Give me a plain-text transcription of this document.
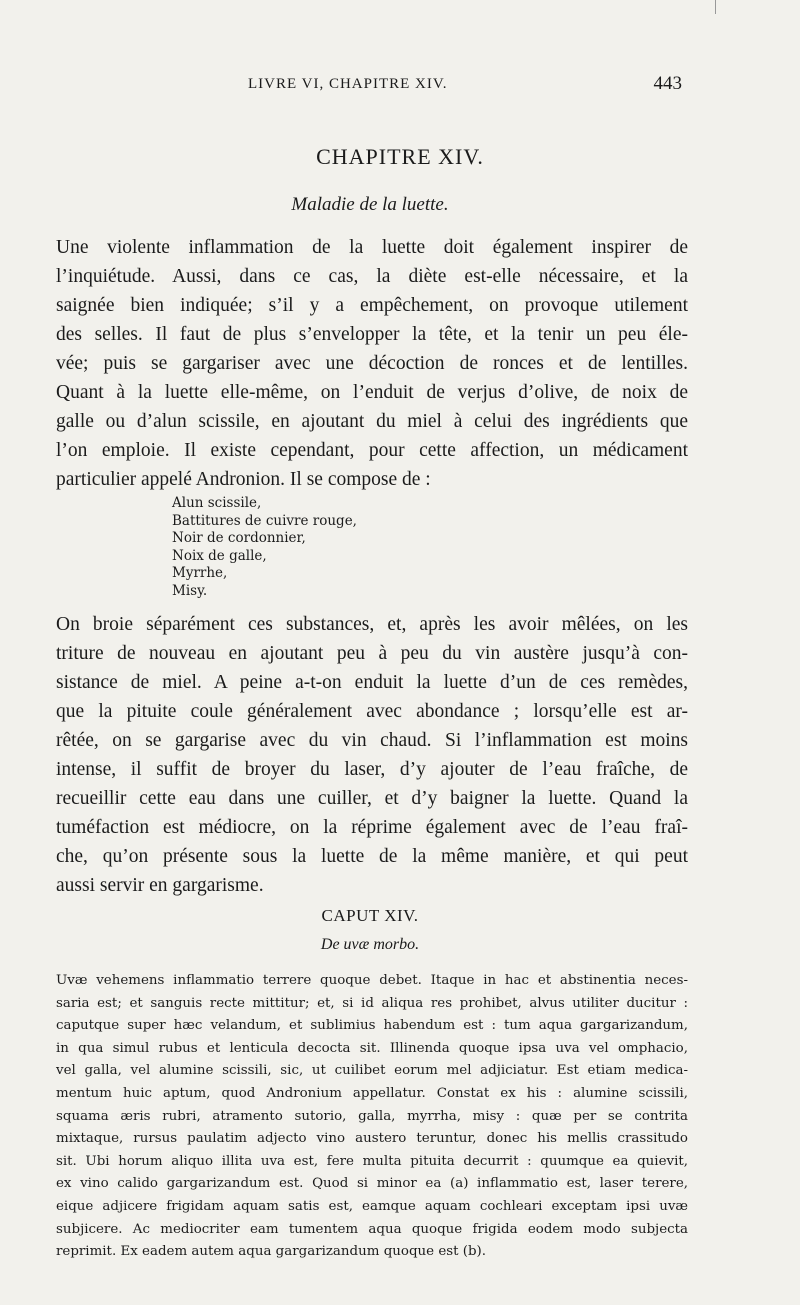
LIVRE VI, CHAPITRE XIV.	443
CHAPITRE XIV.
Maladie de la luette.
Une violente inflammation de la luette doit également inspirer de
l’inquiétude. Aussi, dans ce cas, la diète est-elle nécessaire, et la
saignée bien indiquée; s’il y a empêchement, on provoque utilement
des selles. Il faut de plus s’envelopper la tête, et la tenir un peu éle-
vée; puis se gargariser avec une décoction de ronces et de lentilles.
Quant à la luette elle-même, on l’enduit de verjus d’olive, de noix de
galle ou d’alun scissile, en ajoutant du miel à celui des ingrédients que
l’on emploie. Il existe cependant, pour cette affection, un médicament
particulier appelé Andronion. Il se compose de :
Alun scissile,
Battitures de cuivre rouge,
Noir de cordonnier,
Noix de galle,
Myrrhe,
Misy.
On broie séparément ces substances, et, après les avoir mêlées, on les
triture de nouveau en ajoutant peu à peu du vin austère jusqu’à con-
sistance de miel. A peine a-t-on enduit la luette d’un de ces remèdes,
que la pituite coule généralement avec abondance ; lorsqu’elle est ar-
rêtée, on se gargarise avec du vin chaud. Si l’inflammation est moins
intense, il suffit de broyer du laser, d’y ajouter de l’eau fraîche, de
recueillir cette eau dans une cuiller, et d’y baigner la luette. Quand la
tuméfaction est médiocre, on la réprime également avec de l’eau fraî-
che, qu’on présente sous la luette de la même manière, et qui peut
aussi servir en gargarisme.
CAPUT XIV.
De uvæ morbo.
Uvæ vehemens inflammatio terrere quoque debet. Itaque in hac et abstinentia neces-
saria est; et sanguis recte mittitur; et, si id aliqua res prohibet, alvus utiliter ducitur :
caputque super hæc velandum, et sublimius habendum est : tum aqua gargarizandum,
in qua simul rubus et lenticula decocta sit. Illinenda quoque ipsa uva vel omphacio,
vel galla, vel alumine scissili, sic, ut cuilibet eorum mel adjiciatur. Est etiam medica-
mentum huic aptum, quod Andronium appellatur. Constat ex his : alumine scissili,
squama æris rubri, atramento sutorio, galla, myrrha, misy : quæ per se contrita
mixtaque, rursus paulatim adjecto vino austero teruntur, donec his mellis crassitudo
sit. Ubi horum aliquo illita uva est, fere multa pituita decurrit : quumque ea quievit,
ex vino calido gargarizandum est. Quod si minor ea (a) inflammatio est, laser terere,
eique adjicere frigidam aquam satis est, eamque aquam cochleari exceptam ipsi uvæ
subjicere. Ac mediocriter eam tumentem aqua quoque frigida eodem modo subjecta
reprimit. Ex eadem autem aqua gargarizandum quoque est (b).
